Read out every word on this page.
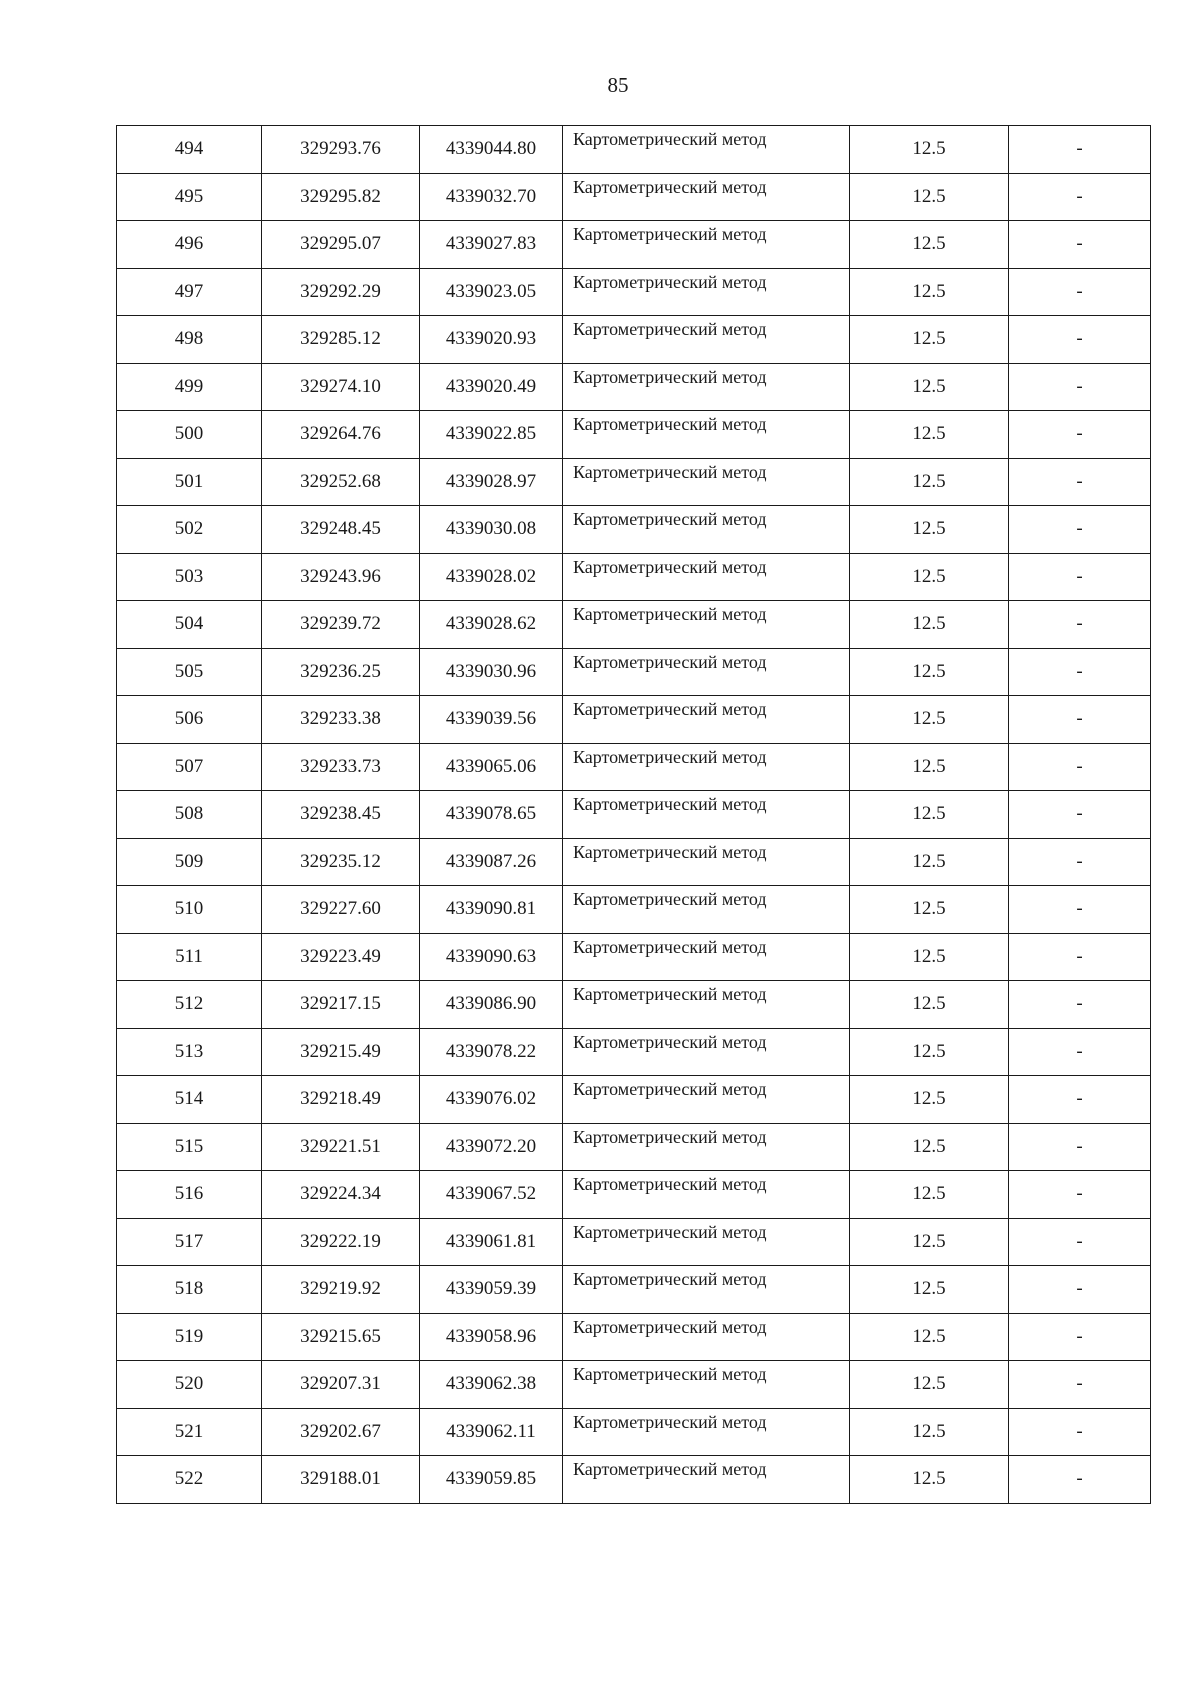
85
494	329293.76	4339044.80	Картометрический метод	12.5	-
495	329295.82	4339032.70	Картометрический метод	12.5	-
496	329295.07	4339027.83	Картометрический метод	12.5	-
497	329292.29	4339023.05	Картометрический метод	12.5	-
498	329285.12	4339020.93	Картометрический метод	12.5	-
499	329274.10	4339020.49	Картометрический метод	12.5	-
500	329264.76	4339022.85	Картометрический метод	12.5	-
501	329252.68	4339028.97	Картометрический метод	12.5	-
502	329248.45	4339030.08	Картометрический метод	12.5	-
503	329243.96	4339028.02	Картометрический метод	12.5	-
504	329239.72	4339028.62	Картометрический метод	12.5	-
505	329236.25	4339030.96	Картометрический метод	12.5	-
506	329233.38	4339039.56	Картометрический метод	12.5	-
507	329233.73	4339065.06	Картометрический метод	12.5	-
508	329238.45	4339078.65	Картометрический метод	12.5	-
509	329235.12	4339087.26	Картометрический метод	12.5	-
510	329227.60	4339090.81	Картометрический метод	12.5	-
511	329223.49	4339090.63	Картометрический метод	12.5	-
512	329217.15	4339086.90	Картометрический метод	12.5	-
513	329215.49	4339078.22	Картометрический метод	12.5	-
514	329218.49	4339076.02	Картометрический метод	12.5	-
515	329221.51	4339072.20	Картометрический метод	12.5	-
516	329224.34	4339067.52	Картометрический метод	12.5	-
517	329222.19	4339061.81	Картометрический метод	12.5	-
518	329219.92	4339059.39	Картометрический метод	12.5	-
519	329215.65	4339058.96	Картометрический метод	12.5	-
520	329207.31	4339062.38	Картометрический метод	12.5	-
521	329202.67	4339062.11	Картометрический метод	12.5	-
522	329188.01	4339059.85	Картометрический метод	12.5	-
